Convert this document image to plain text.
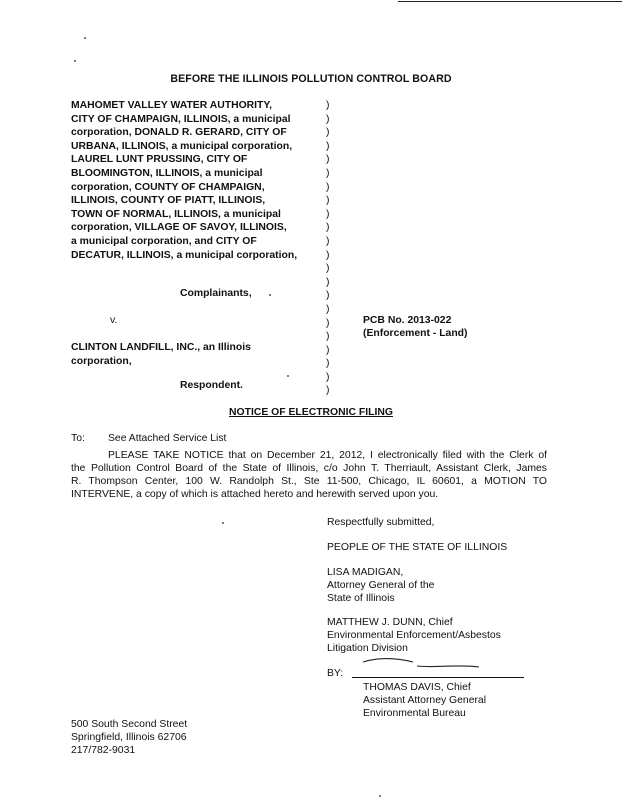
BEFORE THE ILLINOIS POLLUTION CONTROL BOARD
MAHOMET VALLEY WATER AUTHORITY,
CITY OF CHAMPAIGN, ILLINOIS, a municipal
corporation, DONALD R. GERARD, CITY OF
URBANA, ILLINOIS, a municipal corporation,
LAUREL LUNT PRUSSING, CITY OF
BLOOMINGTON, ILLINOIS, a municipal
corporation, COUNTY OF CHAMPAIGN,
ILLINOIS, COUNTY OF PIATT, ILLINOIS,
TOWN OF NORMAL, ILLINOIS, a municipal
corporation, VILLAGE OF SAVOY, ILLINOIS,
a municipal corporation, and CITY OF
DECATUR, ILLINOIS, a municipal corporation,
)
)
)
)
)
)
)
)
)
)
)
)
)
)
)
)
)
)
)
)
)
)
Complainants,
v.	PCB No. 2013-022
(Enforcement - Land)
CLINTON LANDFILL, INC., an Illinois
corporation,
Respondent.
NOTICE OF ELECTRONIC FILING
To: See Attached Service List

PLEASE TAKE NOTICE that on December 21, 2012, I electronically filed with the Clerk of

the Pollution Control Board of the State of Illinois, c/o John T. Therriault, Assistant Clerk, James

R. Thompson Center, 100 W. Randolph St., Ste 11-500, Chicago, IL 60601, a MOTION TO

INTERVENE, a copy of which is attached hereto and herewith served upon you.

Respectfully submitted,
PEOPLE OF THE STATE OF ILLINOIS
LISA MADIGAN,
Attorney General of the
State of Illinois
MATTHEW J. DUNN, Chief
Environmental Enforcement/Asbestos
Litigation Division
BY:
THOMAS DAVIS, Chief
Assistant Attorney General
Environmental Bureau
500 South Second Street
Springfield, Illinois 62706
217/782-9031
